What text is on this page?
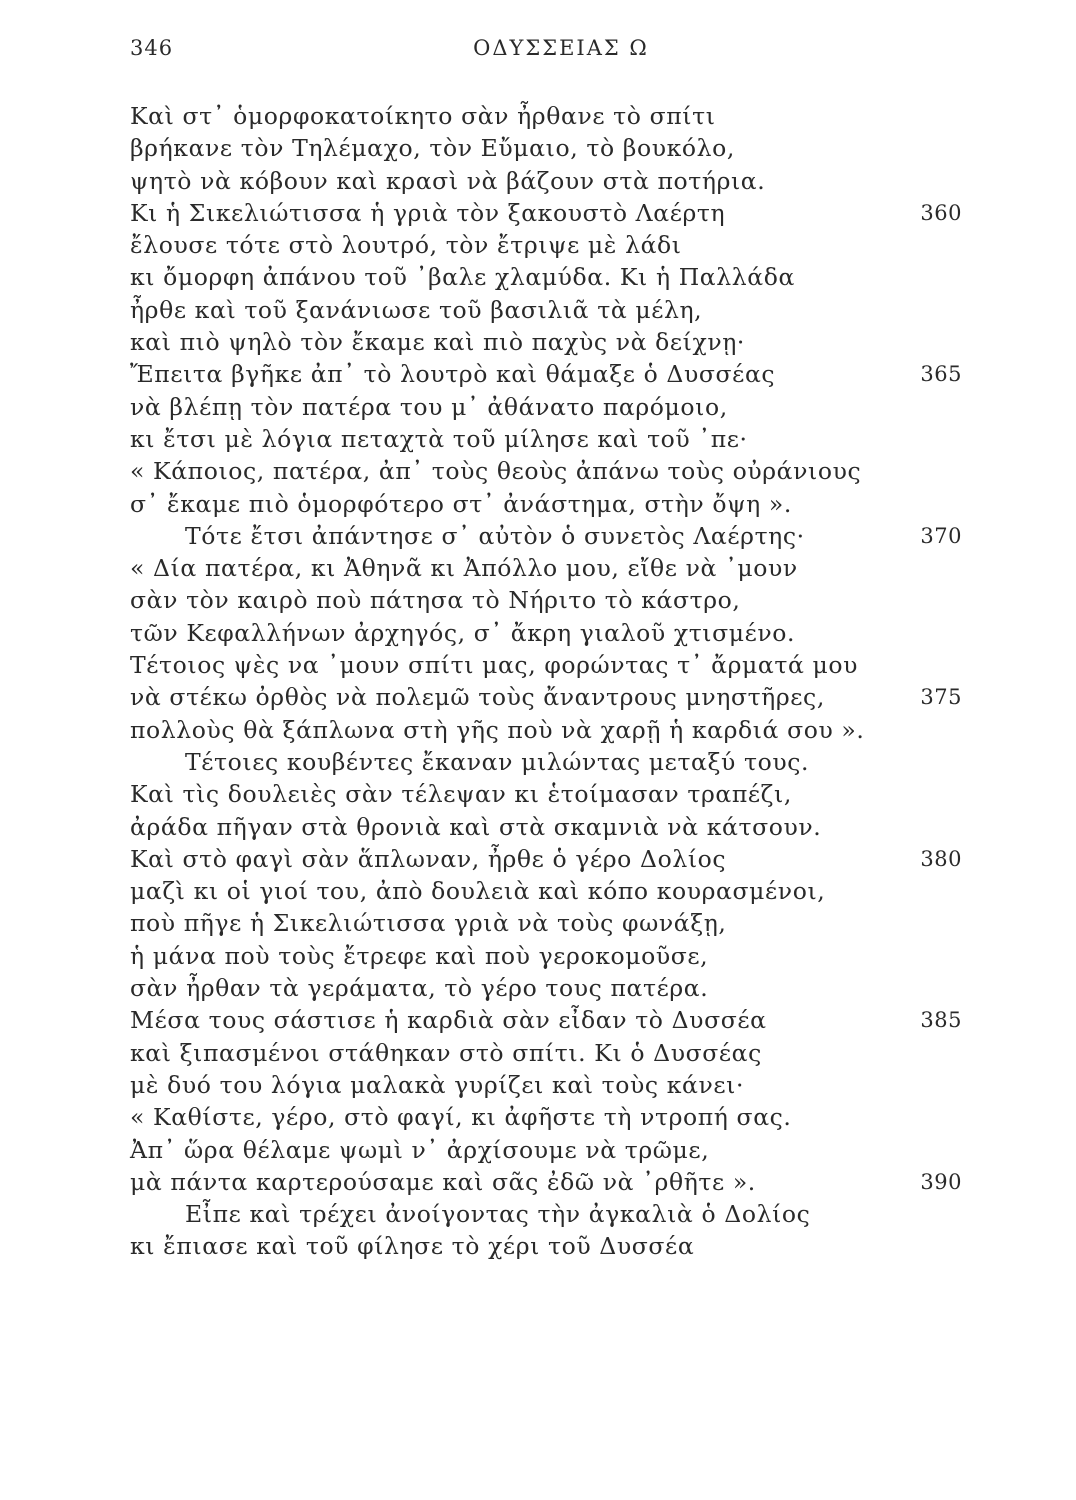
346	ΟΔΥΣΣΕΙΑΣ Ω
Καὶ στ᾽ ὁμορφοκατοίκητο σὰν ἦρθανε τὸ σπίτι
βρήκανε τὸν Τηλέμαχο, τὸν Εὔμαιο, τὸ βουκόλο,
ψητὸ νὰ κόβουν καὶ κρασὶ νὰ βάζουν στὰ ποτήρια.
Κι ἡ Σικελιώτισσα ἡ γριὰ τὸν ξακουστὸ Λαέρτη	360
ἔλουσε τότε στὸ λουτρό, τὸν ἔτριψε μὲ λάδι
κι ὄμορφη ἀπάνου τοῦ ᾽βαλε χλαμύδα. Κι ἡ Παλλάδα
ἦρθε καὶ τοῦ ξανάνιωσε τοῦ βασιλιᾶ τὰ μέλη,
καὶ πιὸ ψηλὸ τὸν ἔκαμε καὶ πιὸ παχὺς νὰ δείχνῃ·
Ἔπειτα βγῆκε ἀπ᾽ τὸ λουτρὸ καὶ θάμαξε ὁ Δυσσέας	365
νὰ βλέπῃ τὸν πατέρα του μ᾽ ἀθάνατο παρόμοιο,
κι ἔτσι μὲ λόγια πεταχτὰ τοῦ μίλησε καὶ τοῦ ᾽πε·
« Κάποιος, πατέρα, ἀπ᾽ τοὺς θεοὺς ἀπάνω τοὺς οὐράνιους
σ᾽ ἔκαμε πιὸ ὁμορφότερο στ᾽ ἀνάστημα, στὴν ὄψη ».
Τότε ἔτσι ἀπάντησε σ᾽ αὐτὸν ὁ συνετὸς Λαέρτης·	370
« Δία πατέρα, κι Ἀθηνᾶ κι Ἀπόλλο μου, εἴθε νὰ ᾽μουν
σὰν τὸν καιρὸ ποὺ πάτησα τὸ Νήριτο τὸ κάστρο,
τῶν Κεφαλλήνων ἀρχηγός, σ᾽ ἄκρη γιαλοῦ χτισμένο.
Τέτοιος ψὲς να ᾽μουν σπίτι μας, φορώντας τ᾽ ἄρματά μου
νὰ στέκω ὀρθὸς νὰ πολεμῶ τοὺς ἄναντρους μνηστῆρες,	375
πολλοὺς θὰ ξάπλωνα στὴ γῆς ποὺ νὰ χαρῇ ἡ καρδιά σου ».
Τέτοιες κουβέντες ἔκαναν μιλώντας μεταξύ τους.
Καὶ τὶς δουλειὲς σὰν τέλεψαν κι ἑτοίμασαν τραπέζι,
ἀράδα πῆγαν στὰ θρονιὰ καὶ στὰ σκαμνιὰ νὰ κάτσουν.
Καὶ στὸ φαγὶ σὰν ἅπλωναν, ἦρθε ὁ γέρο Δολίος	380
μαζὶ κι οἱ γιοί του, ἀπὸ δουλειὰ καὶ κόπο κουρασμένοι,
ποὺ πῆγε ἡ Σικελιώτισσα γριὰ νὰ τοὺς φωνάξῃ,
ἡ μάνα ποὺ τοὺς ἔτρεφε καὶ ποὺ γεροκομοῦσε,
σὰν ἦρθαν τὰ γεράματα, τὸ γέρο τους πατέρα.
Μέσα τους σάστισε ἡ καρδιὰ σὰν εἶδαν τὸ Δυσσέα	385
καὶ ξιπασμένοι στάθηκαν στὸ σπίτι. Κι ὁ Δυσσέας
μὲ δυό του λόγια μαλακὰ γυρίζει καὶ τοὺς κάνει·
« Καθίστε, γέρο, στὸ φαγί, κι ἀφῆστε τὴ ντροπή σας.
Ἀπ᾽ ὥρα θέλαμε ψωμὶ ν᾽ ἀρχίσουμε νὰ τρῶμε,
μὰ πάντα καρτερούσαμε καὶ σᾶς ἐδῶ νὰ ᾽ρθῆτε ».	390
Εἶπε καὶ τρέχει ἀνοίγοντας τὴν ἀγκαλιὰ ὁ Δολίος
κι ἔπιασε καὶ τοῦ φίλησε τὸ χέρι τοῦ Δυσσέα
